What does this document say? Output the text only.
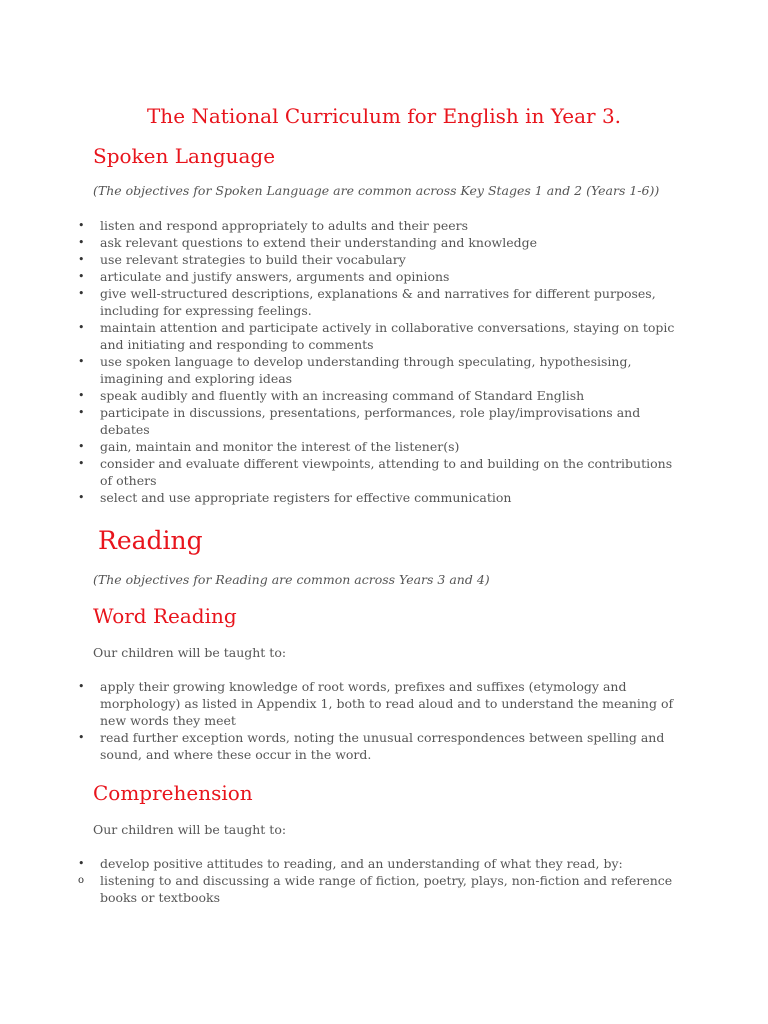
The National Curriculum for English in Year 3.
Spoken Language
(The objectives for Spoken Language are common across Key Stages 1 and 2 (Years 1-6))
• listen and respond appropriately to adults and their peers
• ask relevant questions to extend their understanding and knowledge
• use relevant strategies to build their vocabulary
• articulate and justify answers, arguments and opinions
• give well-structured descriptions, explanations & and narratives for different purposes, including for expressing feelings.
• maintain attention and participate actively in collaborative conversations, staying on topic and initiating and responding to comments
• use spoken language to develop understanding through speculating, hypothesising, imagining and exploring ideas
• speak audibly and fluently with an increasing command of Standard English
• participate in discussions, presentations, performances, role play/improvisations and debates
• gain, maintain and monitor the interest of the listener(s)
• consider and evaluate different viewpoints, attending to and building on the contributions of others
• select and use appropriate registers for effective communication
Reading
(The objectives for Reading are common across Years 3 and 4)
Word Reading
Our children will be taught to:
• apply their growing knowledge of root words, prefixes and suffixes (etymology and morphology) as listed in Appendix 1, both to read aloud and to understand the meaning of new words they meet
• read further exception words, noting the unusual correspondences between spelling and sound, and where these occur in the word.
Comprehension
Our children will be taught to:
• develop positive attitudes to reading, and an understanding of what they read, by:
o	listening to and discussing a wide range of fiction, poetry, plays, non-fiction and reference books or textbooks
